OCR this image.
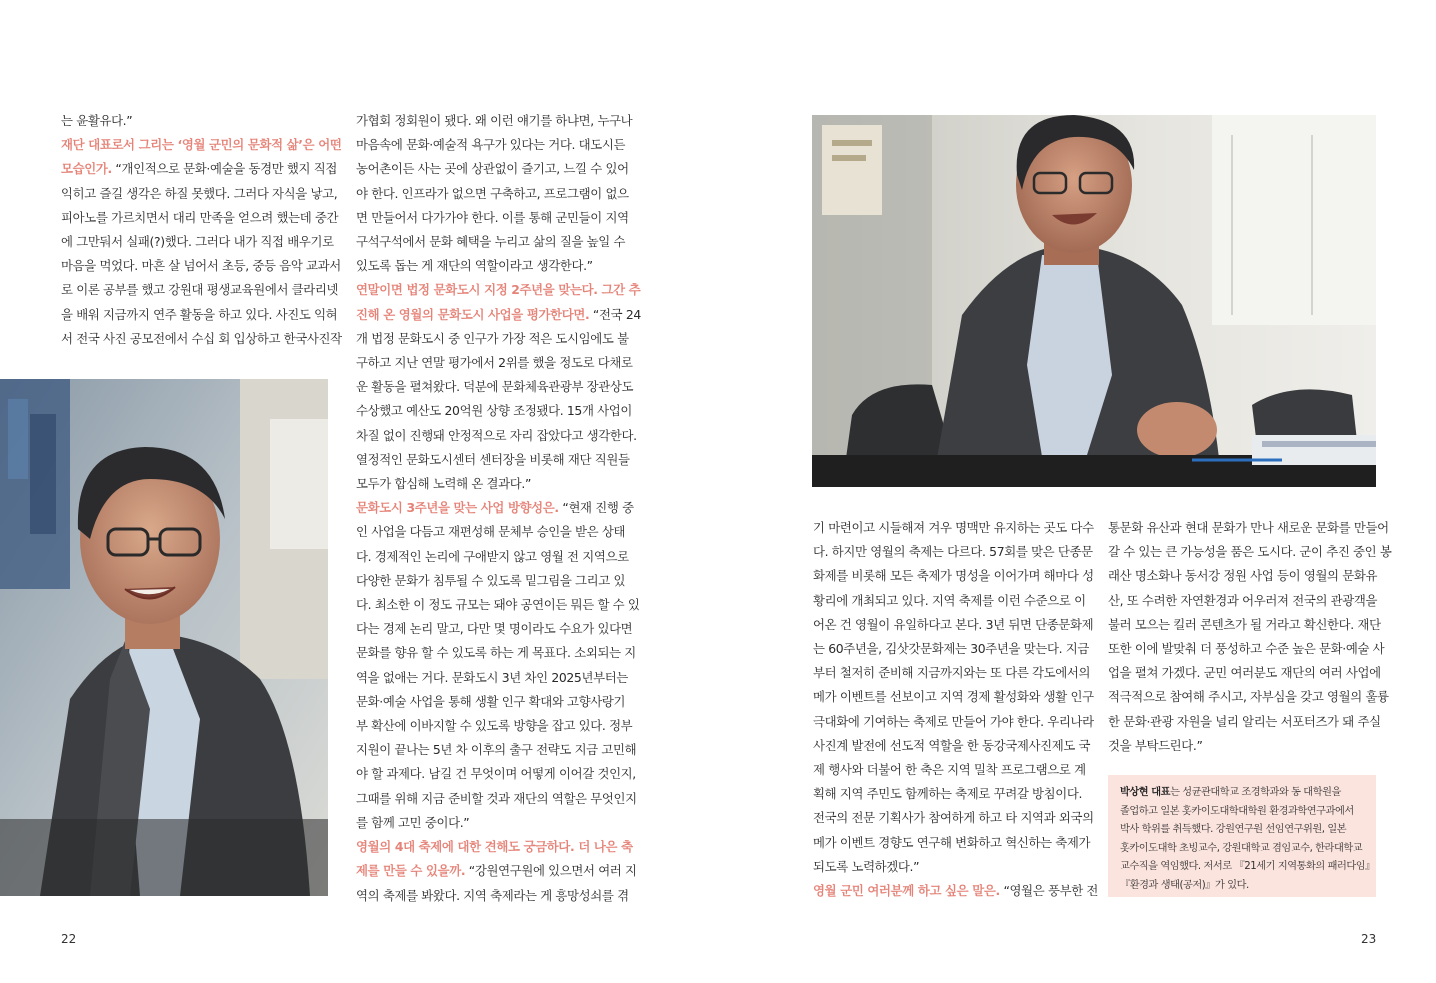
는 윤활유다.”

재단 대표로서 그리는 ‘영월 군민의 문화적 삶’은 어떤

모습인가. “개인적으로 문화·예술을 동경만 했지 직접

익히고 즐길 생각은 하질 못했다. 그러다 자식을 낳고,

피아노를 가르치면서 대리 만족을 얻으려 했는데 중간

에 그만둬서 실패(?)했다. 그러다 내가 직접 배우기로

마음을 먹었다. 마흔 살 넘어서 초등, 중등 음악 교과서

로 이론 공부를 했고 강원대 평생교육원에서 클라리넷

을 배워 지금까지 연주 활동을 하고 있다. 사진도 익혀

서 전국 사진 공모전에서 수십 회 입상하고 한국사진작

가협회 정회원이 됐다. 왜 이런 얘기를 하냐면, 누구나

마음속에 문화·예술적 욕구가 있다는 거다. 대도시든

농어촌이든 사는 곳에 상관없이 즐기고, 느낄 수 있어

야 한다. 인프라가 없으면 구축하고, 프로그램이 없으

면 만들어서 다가가야 한다. 이를 통해 군민들이 지역

구석구석에서 문화 혜택을 누리고 삶의 질을 높일 수

있도록 돕는 게 재단의 역할이라고 생각한다.”

연말이면 법정 문화도시 지정 2주년을 맞는다. 그간 추

진해 온 영월의 문화도시 사업을 평가한다면. “전국 24

개 법정 문화도시 중 인구가 가장 적은 도시임에도 불

구하고 지난 연말 평가에서 2위를 했을 정도로 다채로

운 활동을 펼쳐왔다. 덕분에 문화체육관광부 장관상도

수상했고 예산도 20억원 상향 조정됐다. 15개 사업이

차질 없이 진행돼 안정적으로 자리 잡았다고 생각한다.

열정적인 문화도시센터 센터장을 비롯해 재단 직원들

모두가 합심해 노력해 온 결과다.”

문화도시 3주년을 맞는 사업 방향성은. “현재 진행 중

인 사업을 다듬고 재편성해 문체부 승인을 받은 상태

다. 경제적인 논리에 구애받지 않고 영월 전 지역으로

다양한 문화가 침투될 수 있도록 밑그림을 그리고 있

다. 최소한 이 정도 규모는 돼야 공연이든 뭐든 할 수 있

다는 경제 논리 말고, 다만 몇 명이라도 수요가 있다면

문화를 향유 할 수 있도록 하는 게 목표다. 소외되는 지

역을 없애는 거다. 문화도시 3년 차인 2025년부터는

문화·예술 사업을 통해 생활 인구 확대와 고향사랑기

부 확산에 이바지할 수 있도록 방향을 잡고 있다. 정부

지원이 끝나는 5년 차 이후의 출구 전략도 지금 고민해

야 할 과제다. 남길 건 무엇이며 어떻게 이어갈 것인지,

그때를 위해 지금 준비할 것과 재단의 역할은 무엇인지

를 함께 고민 중이다.”

영월의 4대 축제에 대한 견해도 궁금하다. 더 나은 축

제를 만들 수 있을까. “강원연구원에 있으면서 여러 지

역의 축제를 봐왔다. 지역 축제라는 게 흥망성쇠를 겪

기 마련이고 시들해져 겨우 명맥만 유지하는 곳도 다수

다. 하지만 영월의 축제는 다르다. 57회를 맞은 단종문

화제를 비롯해 모든 축제가 명성을 이어가며 해마다 성

황리에 개최되고 있다. 지역 축제를 이런 수준으로 이

어온 건 영월이 유일하다고 본다. 3년 뒤면 단종문화제

는 60주년을, 김삿갓문화제는 30주년을 맞는다. 지금

부터 철저히 준비해 지금까지와는 또 다른 각도에서의

메가 이벤트를 선보이고 지역 경제 활성화와 생활 인구

극대화에 기여하는 축제로 만들어 가야 한다. 우리나라

사진계 발전에 선도적 역할을 한 동강국제사진제도 국

제 행사와 더불어 한 축은 지역 밀착 프로그램으로 계

획해 지역 주민도 함께하는 축제로 꾸려갈 방침이다.

전국의 전문 기획사가 참여하게 하고 타 지역과 외국의

메가 이벤트 경향도 연구해 변화하고 혁신하는 축제가

되도록 노력하겠다.”

영월 군민 여러분께 하고 싶은 말은. “영월은 풍부한 전

통문화 유산과 현대 문화가 만나 새로운 문화를 만들어

갈 수 있는 큰 가능성을 품은 도시다. 군이 추진 중인 봉

래산 명소화나 동서강 정원 사업 등이 영월의 문화유

산, 또 수려한 자연환경과 어우러져 전국의 관광객을

불러 모으는 킬러 콘텐츠가 될 거라고 확신한다. 재단

또한 이에 발맞춰 더 풍성하고 수준 높은 문화·예술 사

업을 펼쳐 가겠다. 군민 여러분도 재단의 여러 사업에

적극적으로 참여해 주시고, 자부심을 갖고 영월의 훌륭

한 문화·관광 자원을 널리 알리는 서포터즈가 돼 주실

것을 부탁드린다.”

박상현 대표는 성균관대학교 조경학과와 동 대학원을
졸업하고 일본 홋카이도대학대학원 환경과학연구과에서
박사 학위를 취득했다. 강원연구원 선임연구위원, 일본
홋카이도대학 초빙교수, 강원대학교 겸임교수, 한라대학교
교수직을 역임했다. 저서로 『21세기 지역통화의 패러다임』
『환경과 생태(공저)』가 있다.
22	23
